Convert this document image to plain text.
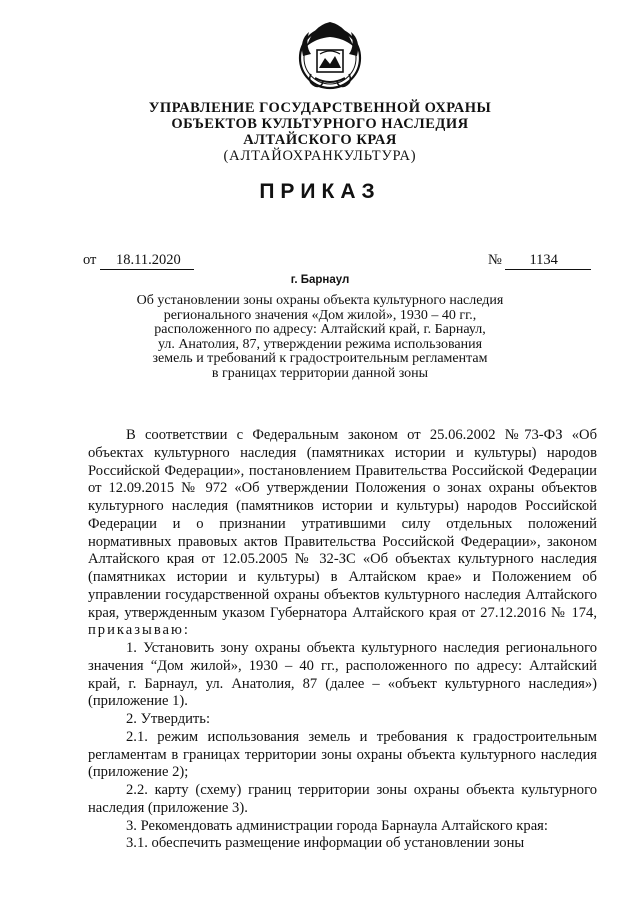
УПРАВЛЕНИЕ ГОСУДАРСТВЕННОЙ ОХРАНЫ
ОБЪЕКТОВ КУЛЬТУРНОГО НАСЛЕДИЯ
АЛТАЙСКОГО КРАЯ
(АЛТАЙОХРАНКУЛЬТУРА)
ПРИКАЗ
от 18.11.2020	№ 1134
г. Барнаул
Об установлении зоны охраны объекта культурного наследия
регионального значения «Дом жилой», 1930 – 40 гг.,
расположенного по адресу: Алтайский край, г. Барнаул,
ул. Анатолия, 87, утверждении режима использования
земель и требований к градостроительным регламентам
в границах территории данной зоны

В соответствии с Федеральным законом от 25.06.2002 №73-ФЗ «Об объектах культурного наследия (памятниках истории и культуры) народов Российской Федерации», постановлением Правительства Российской Федерации от 12.09.2015 № 972 «Об утверждении Положения о зонах охраны объектов культурного наследия (памятников истории и культуры) народов Российской Федерации и о признании утратившими силу отдельных положений нормативных правовых актов Правительства Российской Федерации», законом Алтайского края от 12.05.2005 № 32-ЗС «Об объектах культурного наследия (памятниках истории и культуры) в Алтайском крае» и Положением об управлении государственной охраны объектов культурного наследия Алтайского края, утвержденным указом Губернатора Алтайского края от 27.12.2016 № 174, приказываю:

1. Установить зону охраны объекта культурного наследия регионального значения “Дом жилой», 1930 – 40 гг., расположенного по адресу: Алтайский край, г. Барнаул, ул. Анатолия, 87 (далее – «объект культурного наследия») (приложение 1).

2. Утвердить:

2.1. режим использования земель и требования к градостроительным регламентам в границах территории зоны охраны объекта культурного наследия (приложение 2);

2.2. карту (схему) границ территории зоны охраны объекта культурного наследия (приложение 3).

3. Рекомендовать администрации города Барнаула Алтайского края:

3.1. обеспечить размещение информации об установлении зоны
